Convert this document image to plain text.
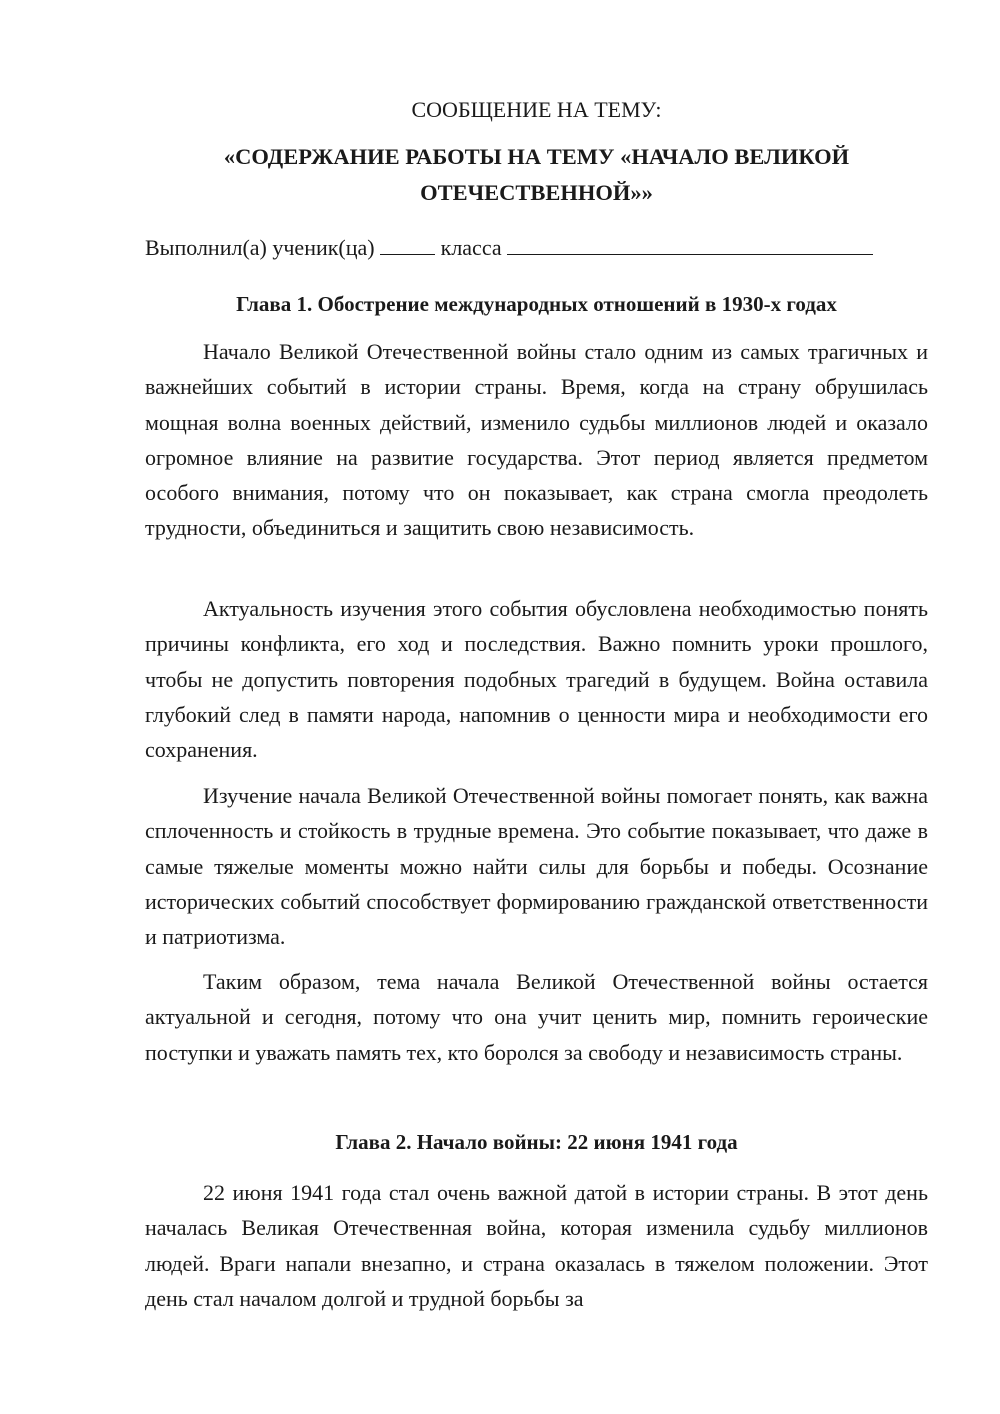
СООБЩЕНИЕ НА ТЕМУ:
«СОДЕРЖАНИЕ РАБОТЫ НА ТЕМУ «НАЧАЛО ВЕЛИКОЙ
ОТЕЧЕСТВЕННОЙ»»
Выполнил(а) ученик(ца)	класса
Глава 1. Обострение международных отношений в 1930-х годах

Начало Великой Отечественной войны стало одним из самых трагичных и важнейших событий в истории страны. Время, когда на страну обрушилась мощная волна военных действий, изменило судьбы миллионов людей и оказало огромное влияние на развитие государства. Этот период является предметом особого внимания, потому что он показывает, как страна смогла преодолеть трудности, объединиться и защитить свою независимость.

Актуальность изучения этого события обусловлена необходимостью понять причины конфликта, его ход и последствия. Важно помнить уроки прошлого, чтобы не допустить повторения подобных трагедий в будущем. Война оставила глубокий след в памяти народа, напомнив о ценности мира и необходимости его сохранения.

Изучение начала Великой Отечественной войны помогает понять, как важна сплоченность и стойкость в трудные времена. Это событие показывает, что даже в самые тяжелые моменты можно найти силы для борьбы и победы. Осознание исторических событий способствует формированию гражданской ответственности и патриотизма.

Таким образом, тема начала Великой Отечественной войны остается актуальной и сегодня, потому что она учит ценить мир, помнить героические поступки и уважать память тех, кто боролся за свободу и независимость страны.

Глава 2. Начало войны: 22 июня 1941 года

22 июня 1941 года стал очень важной датой в истории страны. В этот день началась Великая Отечественная война, которая изменила судьбу миллионов людей. Враги напали внезапно, и страна оказалась в тяжелом положении. Этот день стал началом долгой и трудной борьбы за
